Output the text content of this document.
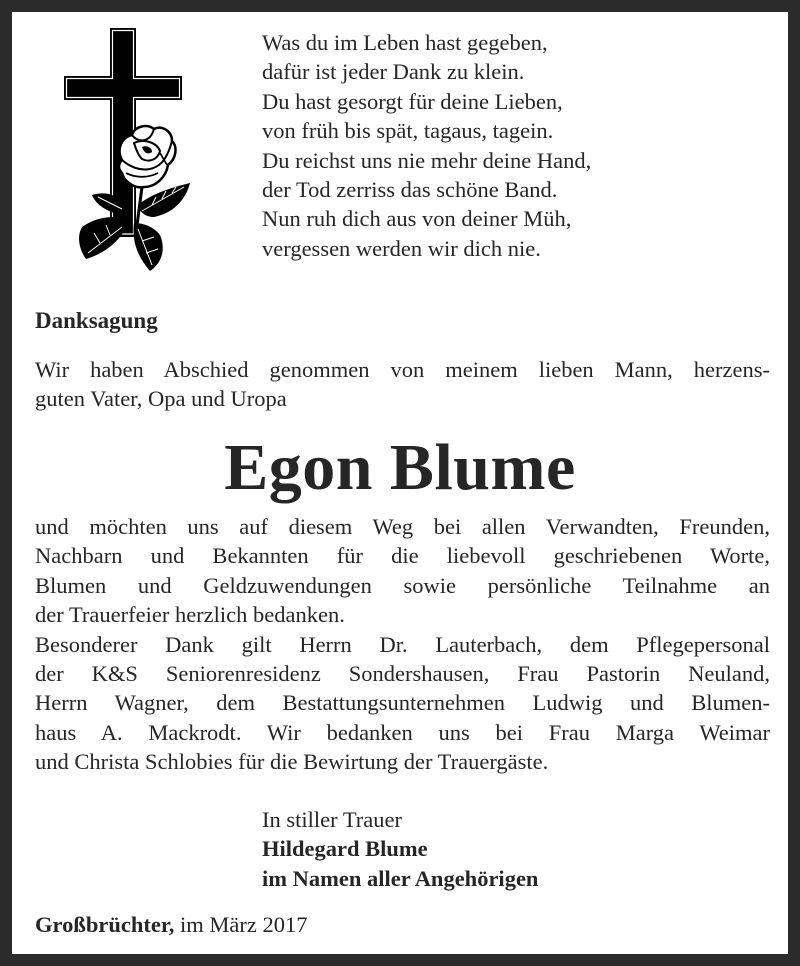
Was du im Leben hast gegeben,
dafür ist jeder Dank zu klein.
Du hast gesorgt für deine Lieben,
von früh bis spät, tagaus, tagein.
Du reichst uns nie mehr deine Hand,
der Tod zerriss das schöne Band.
Nun ruh dich aus von deiner Müh,
vergessen werden wir dich nie.
Danksagung
Wir haben Abschied genommen von meinem lieben Mann, herzens-
guten Vater, Opa und Uropa
Egon Blume
und möchten uns auf diesem Weg bei allen Verwandten, Freunden,
Nachbarn und Bekannten für die liebevoll geschriebenen Worte,
Blumen und Geldzuwendungen sowie persönliche Teilnahme an
der Trauerfeier herzlich bedanken.
Besonderer Dank gilt Herrn Dr. Lauterbach, dem Pflegepersonal
der K&S Seniorenresidenz Sondershausen, Frau Pastorin Neuland,
Herrn Wagner, dem Bestattungsunternehmen Ludwig und Blumen-
haus A. Mackrodt. Wir bedanken uns bei Frau Marga Weimar
und Christa Schlobies für die Bewirtung der Trauergäste.
In stiller Trauer
Hildegard Blume
im Namen aller Angehörigen
Großbrüchter, im März 2017
